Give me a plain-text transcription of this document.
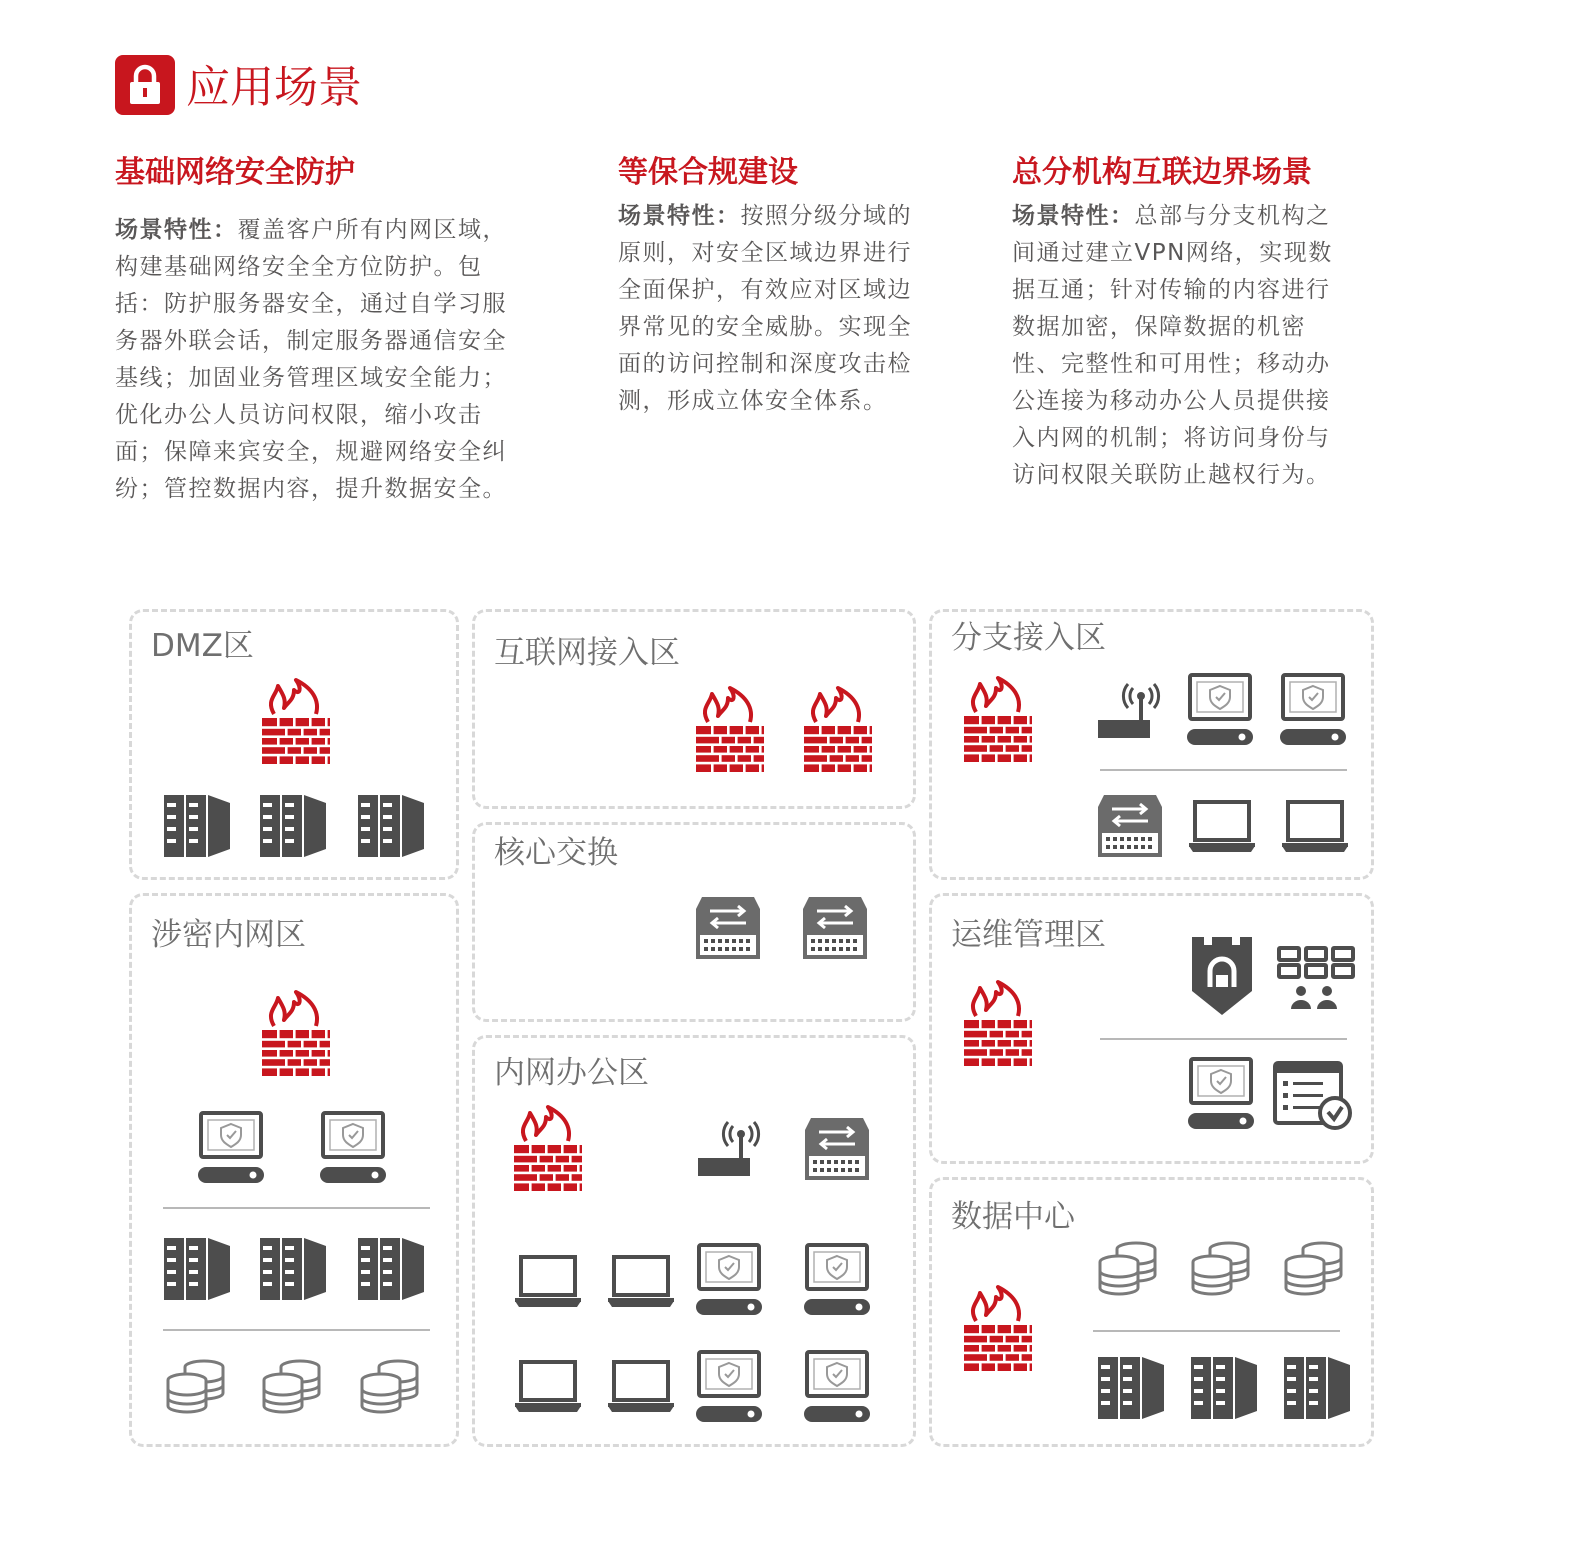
应用场景
基础网络安全防护
场景特性：覆盖客户所有内网区域，构建基础网络安全全方位防护。包括：防护服务器安全，通过自学习服务器外联会话，制定服务器通信安全基线；加固业务管理区域安全能力；优化办公人员访问权限，缩小攻击面；保障来宾安全，规避网络安全纠纷；管控数据内容，提升数据安全。
等保合规建设
场景特性：按照分级分域的原则，对安全区域边界进行全面保护，有效应对区域边界常见的安全威胁。实现全面的访问控制和深度攻击检测，形成立体安全体系。
总分机构互联边界场景
场景特性：总部与分支机构之间通过建立VPN网络，实现数据互通；针对传输的内容进行数据加密，保障数据的机密性、完整性和可用性；移动办公连接为移动办公人员提供接入内网的机制；将访问身份与访问权限关联防止越权行为。
DMZ区	互联网接入区	分支接入区
核心交换
涉密内网区	运维管理区
内网办公区
数据中心
